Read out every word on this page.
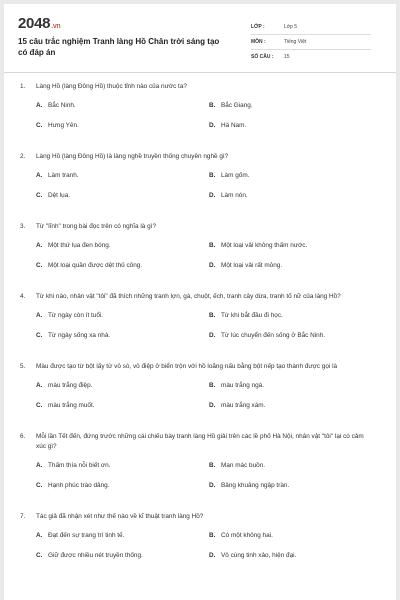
2048.vn
15 câu trắc nghiệm Tranh làng Hồ Chân trời sáng tạo có đáp án
LỚP :	Lớp 5
MÔN :	Tiếng Việt
SỐ CÂU :	15
1.	Làng Hồ (làng Đông Hồ) thuộc tỉnh nào của nước ta?
A. Bắc Ninh.	B. Bắc Giang.
C. Hưng Yên.	D. Hà Nam.
2.	Làng Hồ (làng Đông Hồ) là làng nghề truyền thống chuyên nghề gì?
A. Làm tranh.	B. Làm gốm.
C. Dệt lụa.	D. Làm nón.
3.	Từ "lĩnh" trong bài đọc trên có nghĩa là gì?
A. Một thứ lụa đen bóng.	B. Một loại vải không thấm nước.
C. Một loại quần được dệt thủ công.	D. Một loại vải rất mỏng.
4.	Từ khi nào, nhân vật "tôi" đã thích những tranh lợn, gà, chuột, ếch, tranh cây dừa, tranh tố nữ của làng Hồ?
A. Từ ngày còn ít tuổi.	B. Từ khi bắt đầu đi học.
C. Từ ngày sống xa nhà.	D. Từ lúc chuyển đến sống ở Bắc Ninh.
5.	Màu được tạo từ bột lấy từ vỏ sò, vỏ điệp ở biển trộn với hồ loãng nấu bằng bột nếp tạo thành được gọi là
A. màu trắng điệp.	B. màu trắng ngà.
C. màu trắng muốt.	D. màu trắng xám.
6.	Mỗi lần Tết đến, đứng trước những cái chiếu bày tranh làng Hồ giải trên các lề phố Hà Nội, nhân vật "tôi" lại có cảm xúc gì?
A. Thấm thía nỗi biết ơn.	B. Man mác buồn.
C. Hạnh phúc trào dâng.	D. Bâng khuâng ngập tràn.
7.	Tác giả đã nhận xét như thế nào về kĩ thuật tranh làng Hồ?
A. Đạt đến sự trang trí tinh tế.	B. Có một không hai.
C. Giữ được nhiều nét truyền thống.	D. Vô cùng tinh xảo, hiện đại.
